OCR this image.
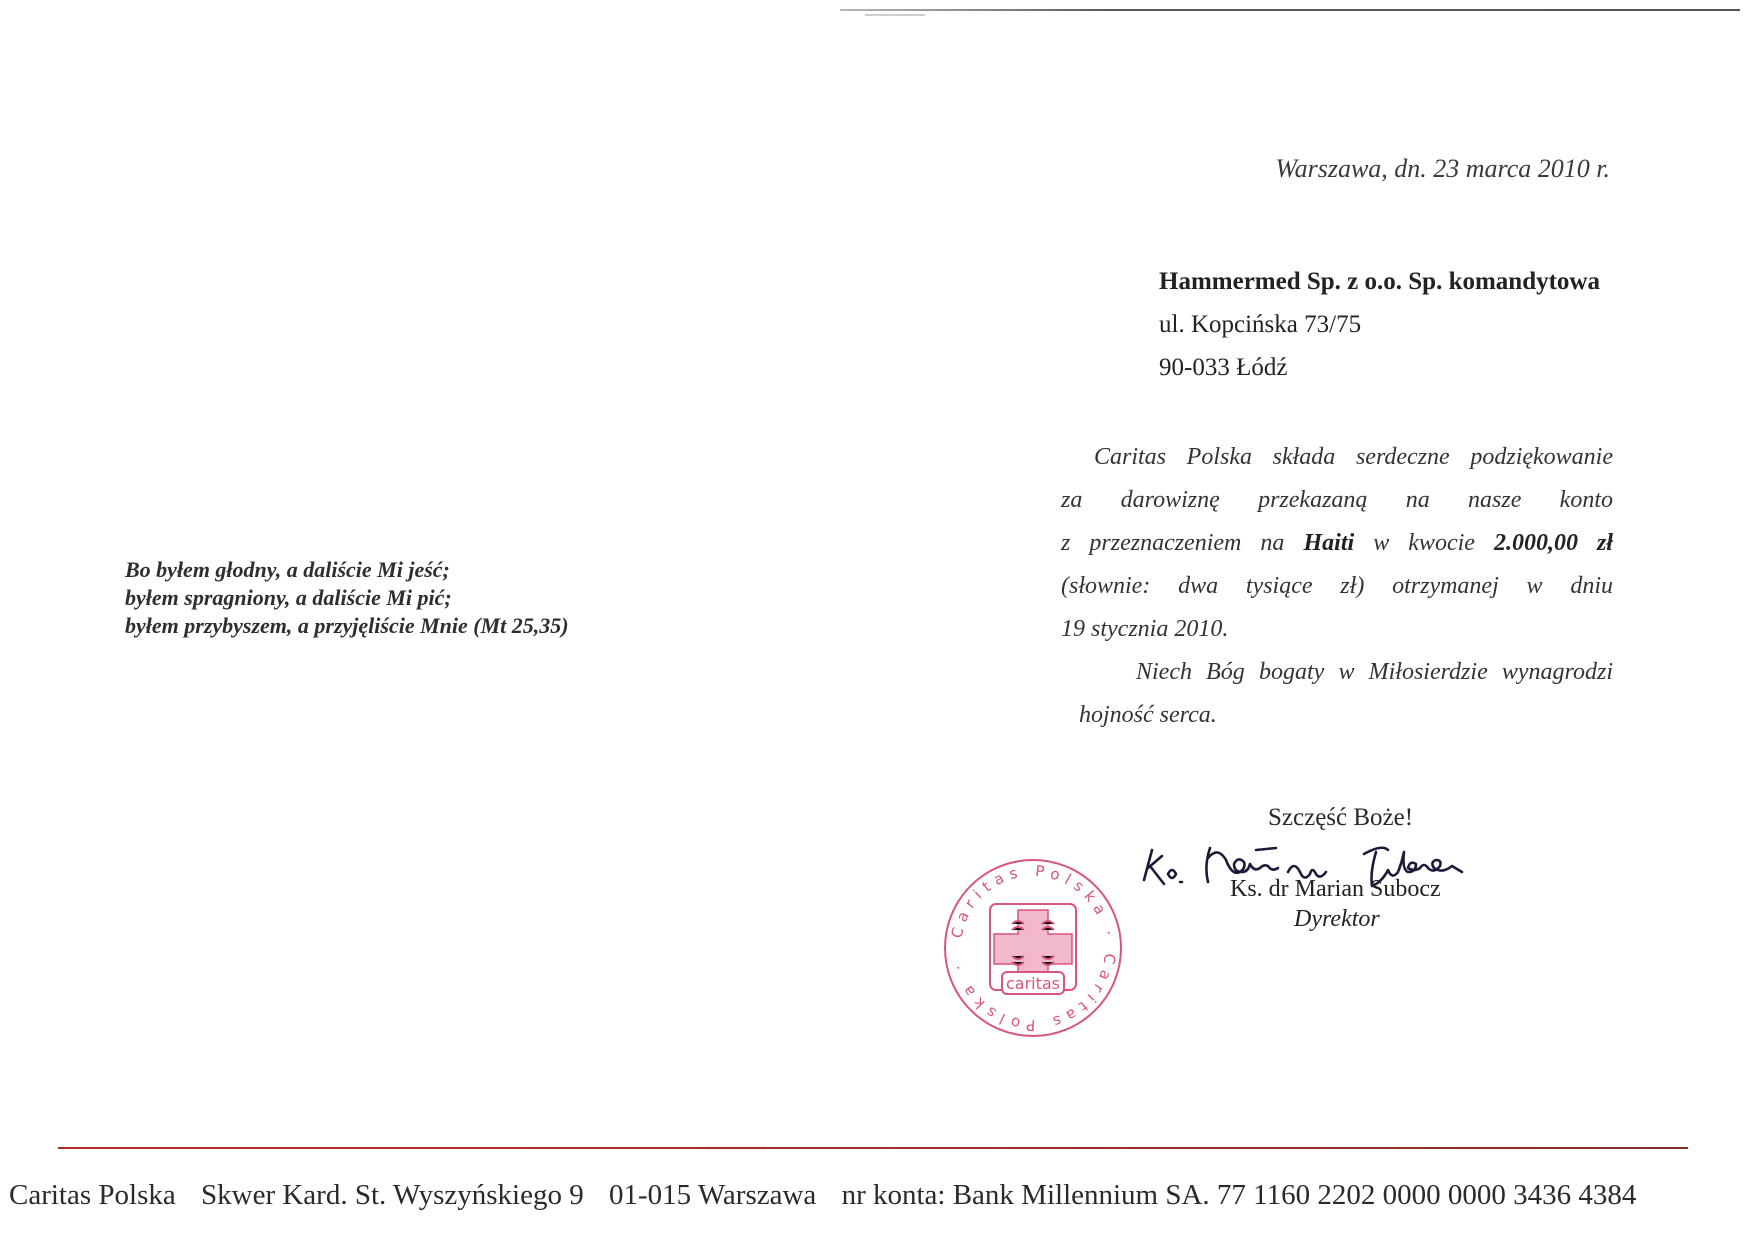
Warszawa, dn. 23 marca 2010 r.
Hammermed Sp. z o.o. Sp. komandytowa
ul. Kopcińska 73/75
90-033 Łódź

Caritas Polska składa serdeczne podziękowanie

za darowiznę przekazaną na nasze konto

z przeznaczeniem na Haiti w kwocie 2.000,00 zł

(słownie: dwa tysiące zł) otrzymanej w dniu

19 stycznia 2010.

Niech Bóg bogaty w Miłosierdzie wynagrodzi

hojność serca.

Bo byłem głodny, a daliście Mi jeść;
byłem spragniony, a daliście Mi pić;
byłem przybyszem, a przyjęliście Mnie (Mt 25,35)
Szczęść Boże!
Ks. dr Marian Subocz
Dyrektor
Caritas Polska · Caritas Polska ·
caritas
Caritas Polska Skwer Kard. St. Wyszyńskiego 9 01-015 Warszawa nr konta: Bank Millennium SA. 77 1160 2202 0000 0000 3436 4384
